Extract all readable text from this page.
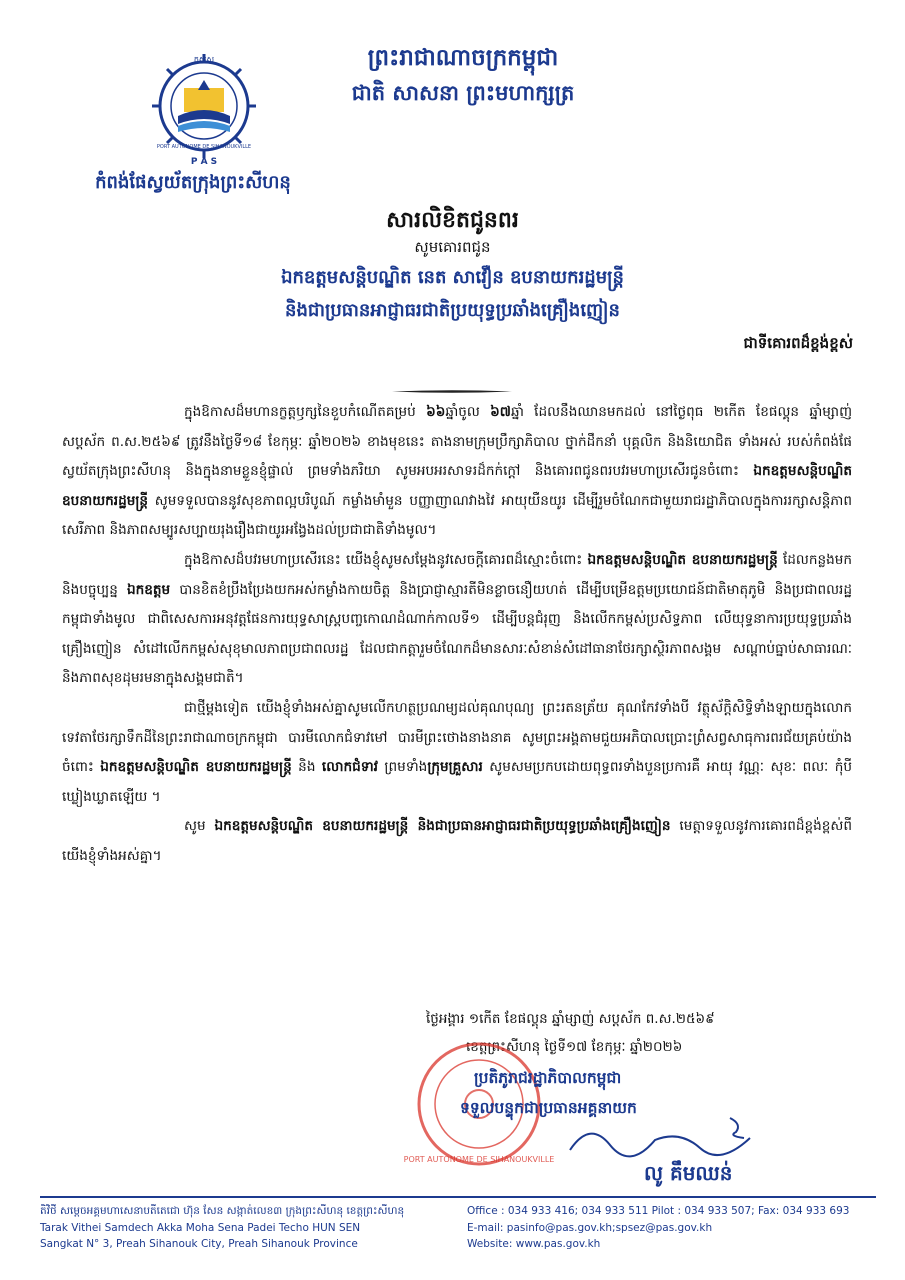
កសស
PORT AUTONOME DE SIHANOUKVILLE
P A S
ព្រះរាជាណាចក្រកម្ពុជា
ជាតិ សាសនា ព្រះមហាក្សត្រ
កំពង់ផែស្វយ័តក្រុងព្រះសីហនុ
សារលិខិតជូនពរ
សូមគោរពជូន
ឯកឧត្តមសន្តិបណ្ឌិត នេត សាវឿន ឧបនាយករដ្ឋមន្ត្រី
និងជាប្រធានអាជ្ញាធរជាតិប្រយុទ្ធប្រឆាំងគ្រឿងញៀន
ជាទីគោរពដ៏ខ្ពង់ខ្ពស់

ក្នុងឱកាសដ៏មហានក្ខត្តឫក្សនៃខួបកំណើតគម្រប់ ៦៦ឆ្នាំចូល ៦៧ឆ្នាំ ដែលនឹងឈានមកដល់ នៅថ្ងៃពុធ ២កើត ខែផល្គុន ឆ្នាំម្សាញ់ សប្តស័ក ព.ស.២៥៦៩ ត្រូវនឹងថ្ងៃទី១៨ ខែកុម្ភៈ ឆ្នាំ២០២៦ ខាងមុខនេះ តាងនាមក្រុមប្រឹក្សាភិបាល ថ្នាក់ដឹកនាំ បុគ្គលិក និងនិយោជិត ទាំងអស់ របស់កំពង់ផែស្វយ័តក្រុងព្រះសីហនុ និងក្នុងនាមខ្លួនខ្ញុំផ្ទាល់ ព្រមទាំងភរិយា សូមអបអរសាទរដ៏កក់ក្តៅ និងគោរពជូនពរបវរមហាប្រសើរជូនចំពោះ ឯកឧត្តមសន្តិបណ្ឌិត ឧបនាយករដ្ឋមន្ត្រី សូមទទួលបាននូវសុខភាពល្អបរិបូណ៍ កម្លាំងមាំមួន បញ្ញាញាណវាងវៃ អាយុយឺនយូរ ដើម្បីរួមចំណែកជាមួយរាជរដ្ឋាភិបាលក្នុងការរក្សាសន្តិភាព សេរីភាព និងភាពសម្បូរសប្បាយរុងរឿងជាយូរអង្វែងដល់ប្រជាជាតិទាំងមូល។

ក្នុងឱកាសដ៏បវរមហាប្រសើរនេះ យើងខ្ញុំសូមសម្តែងនូវសេចក្តីគោរពដ៏ស្មោះចំពោះ ឯកឧត្តមសន្តិបណ្ឌិត ឧបនាយករដ្ឋមន្ត្រី ដែលកន្លងមកនិងបច្ចុប្បន្ន ឯកឧត្តម បានខិតខំប្រឹងប្រែងយកអស់កម្លាំងកាយចិត្ត និងប្រាជ្ញាស្មារតីមិនខ្លាចនឿយហត់ ដើម្បីបម្រើឧត្តមប្រយោជន៍ជាតិមាតុភូមិ និងប្រជាពលរដ្ឋកម្ពុជាទាំងមូល ជាពិសេសការអនុវត្តផែនការយុទ្ធសាស្ត្របញ្ចកោណដំណាក់កាលទី១ ដើម្បីបន្តជំរុញ និងលើកកម្ពស់ប្រសិទ្ធភាព លើយុទ្ធនាការប្រយុទ្ធប្រឆាំងគ្រឿងញៀន សំដៅលើកកម្ពស់សុខុមាលភាពប្រជាពលរដ្ឋ ដែលជាកត្តារួមចំណែកដ៏មានសារៈសំខាន់សំដៅធានាថែរក្សាស្ថិរភាពសង្គម សណ្តាប់ធ្នាប់សាធារណៈ និងភាពសុខដុមរមនាក្នុងសង្គមជាតិ។

ជាថ្មីម្តងទៀត យើងខ្ញុំទាំងអស់គ្នាសូមលើកហត្ថប្រណម្យដល់គុណបុណ្យ ព្រះរតនត្រ័យ គុណកែវទាំងបី វត្ថុស័ក្តិសិទ្ធិទាំងឡាយក្នុងលោក ទេវតាថែរក្សាទឹកដីនៃព្រះរាជាណាចក្រកម្ពុជា បារមីលោកជំទាវមៅ បារមីព្រះថោងនាងនាគ សូមព្រះអង្គតាមជួយអភិបាលប្រោះព្រំសព្វសាធុការពរជ័យគ្រប់យ៉ាងចំពោះ ឯកឧត្តមសន្តិបណ្ឌិត ឧបនាយករដ្ឋមន្ត្រី និង លោកជំទាវ ព្រមទាំងក្រុមគ្រួសារ សូមសមប្រកបដោយពុទ្ធពរទាំងបួនប្រការគឺ អាយុ វណ្ណៈ សុខៈ ពលៈ កុំបីឃ្លៀងឃ្លាតឡើយ ។

សូម ឯកឧត្តមសន្តិបណ្ឌិត ឧបនាយករដ្ឋមន្ត្រី និងជាប្រធានអាជ្ញាធរជាតិប្រយុទ្ធប្រឆាំងគ្រឿងញៀន មេត្តាទទួលនូវការគោរពដ៏ខ្ពង់ខ្ពស់ពីយើងខ្ញុំទាំងអស់គ្នា។

ថ្ងៃអង្គារ ១កើត ខែផល្គុន ឆ្នាំម្សាញ់ សប្តស័ក ព.ស.២៥៦៩
ខេត្តព្រះសីហនុ ថ្ងៃទី១៧ ខែកុម្ភៈ ឆ្នាំ២០២៦
PORT AUTONOME DE SIHANOUKVILLE
ប្រតិភូរាជរដ្ឋាភិបាលកម្ពុជា
ទទួលបន្ទុកជាប្រធានអគ្គនាយក
លូ គឹមឈន់
តិវិថី សម្តេចអគ្គមហាសេនាបតីតេជោ ហ៊ុន សែន សង្កាត់លេខ៣ ក្រុងព្រះសីហនុ ខេត្តព្រះសីហនុ
Tarak Vithei Samdech Akka Moha Sena Padei Techo HUN SEN
Sangkat N° 3, Preah Sihanouk City, Preah Sihanouk Province
Office : 034 933 416; 034 933 511 Pilot : 034 933 507; Fax: 034 933 693
E-mail: pasinfo@pas.gov.kh;spsez@pas.gov.kh
Website: www.pas.gov.kh
